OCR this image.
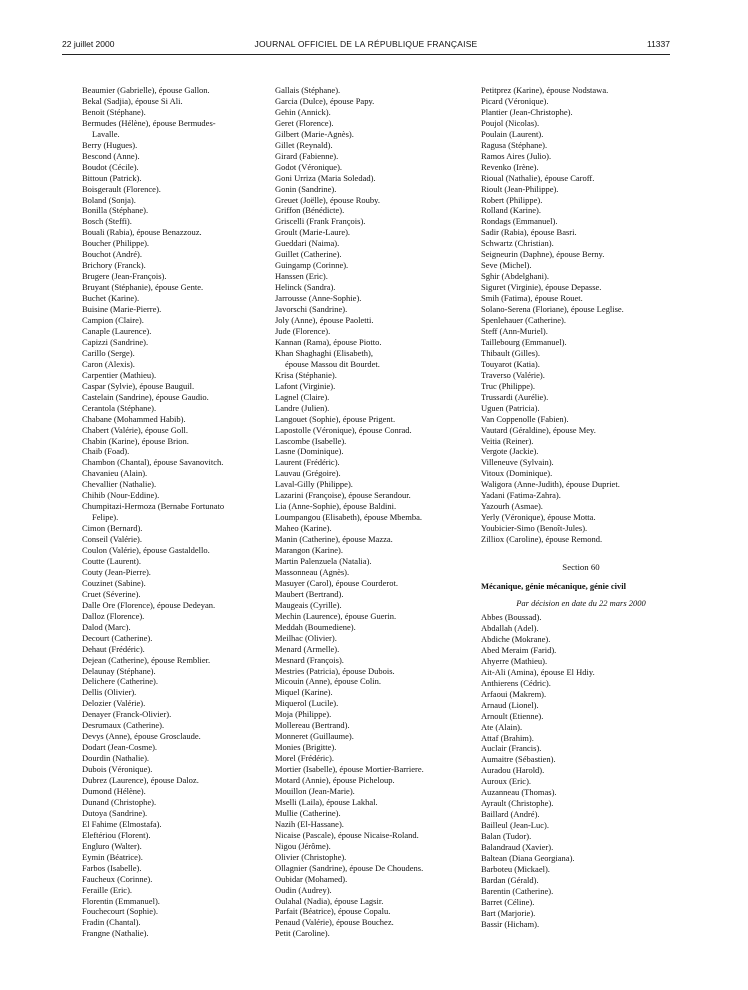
22 juillet 2000	JOURNAL OFFICIEL DE LA RÉPUBLIQUE FRANÇAISE	11337
Beaumier (Gabrielle), épouse Gallon.
Bekal (Sadjia), épouse Si Ali.
Benoit (Stéphane).
Bermudes (Hélène), épouse Bermudes-
Lavalle.
Berry (Hugues).
Bescond (Anne).
Boudot (Cécile).
Bittoun (Patrick).
Boisgerault (Florence).
Boland (Sonja).
Bonilla (Stéphane).
Bosch (Steffi).
Bouali (Rabia), épouse Benazzouz.
Boucher (Philippe).
Bouchot (André).
Brichory (Franck).
Brugere (Jean-François).
Bruyant (Stéphanie), épouse Gente.
Buchet (Karine).
Buisine (Marie-Pierre).
Campion (Claire).
Canaple (Laurence).
Capizzi (Sandrine).
Carillo (Serge).
Caron (Alexis).
Carpentier (Mathieu).
Caspar (Sylvie), épouse Bauguil.
Castelain (Sandrine), épouse Gaudio.
Cerantola (Stéphane).
Chabane (Mohammed Habib).
Chabert (Valérie), épouse Goll.
Chabin (Karine), épouse Brion.
Chaib (Foad).
Chambon (Chantal), épouse Savanovitch.
Chavanieu (Alain).
Chevallier (Nathalie).
Chihib (Nour-Eddine).
Chumpitazi-Hermoza (Bernabe Fortunato
Felipe).
Cimon (Bernard).
Conseil (Valérie).
Coulon (Valérie), épouse Gastaldello.
Coutte (Laurent).
Couty (Jean-Pierre).
Couzinet (Sabine).
Cruet (Séverine).
Dalle Ore (Florence), épouse Dedeyan.
Dalloz (Florence).
Dalod (Marc).
Decourt (Catherine).
Dehaut (Frédéric).
Dejean (Catherine), épouse Remblier.
Delaunay (Stéphane).
Delichere (Catherine).
Dellis (Olivier).
Delozier (Valérie).
Denayer (Franck-Olivier).
Desrumaux (Catherine).
Devys (Anne), épouse Grosclaude.
Dodart (Jean-Cosme).
Dourdin (Nathalie).
Dubois (Véronique).
Dubrez (Laurence), épouse Daloz.
Dumond (Hélène).
Dunand (Christophe).
Dutoya (Sandrine).
El Fahime (Elmostafa).
Eleftériou (Florent).
Engluro (Walter).
Eymin (Béatrice).
Farbos (Isabelle).
Faucheux (Corinne).
Feraille (Eric).
Florentin (Emmanuel).
Fouchecourt (Sophie).
Fradin (Chantal).
Frangne (Nathalie).
Gallais (Stéphane).
Garcia (Dulce), épouse Papy.
Gehin (Annick).
Geret (Florence).
Gilbert (Marie-Agnès).
Gillet (Reynald).
Girard (Fabienne).
Godot (Véronique).
Goni Urriza (Maria Soledad).
Gonin (Sandrine).
Greuet (Joëlle), épouse Rouby.
Griffon (Bénédicte).
Griscelli (Frank François).
Groult (Marie-Laure).
Gueddari (Naima).
Guillet (Catherine).
Guingamp (Corinne).
Hanssen (Eric).
Helinck (Sandra).
Jarrousse (Anne-Sophie).
Javorschi (Sandrine).
Joly (Anne), épouse Paoletti.
Jude (Florence).
Kannan (Rama), épouse Piotto.
Khan Shaghaghi (Elisabeth),
épouse Massou dit Bourdet.
Krisa (Stéphanie).
Lafont (Virginie).
Lagnel (Claire).
Landre (Julien).
Langouet (Sophie), épouse Prigent.
Lapostolle (Véronique), épouse Conrad.
Lascombe (Isabelle).
Lasne (Dominique).
Laurent (Frédéric).
Lauvau (Grégoire).
Laval-Gilly (Philippe).
Lazarini (Françoise), épouse Serandour.
Lia (Anne-Sophie), épouse Baldini.
Loumpangou (Elisabeth), épouse Mbemba.
Maheo (Karine).
Manin (Catherine), épouse Mazza.
Marangon (Karine).
Martin Palenzuela (Natalia).
Massonneau (Agnès).
Masuyer (Carol), épouse Courderot.
Maubert (Bertrand).
Maugeais (Cyrille).
Mechin (Laurence), épouse Guerin.
Meddah (Boumediene).
Meilhac (Olivier).
Menard (Armelle).
Mesnard (François).
Mestries (Patricia), épouse Dubois.
Micouin (Anne), épouse Colin.
Miquel (Karine).
Miquerol (Lucile).
Moja (Philippe).
Mollereau (Bertrand).
Monneret (Guillaume).
Monies (Brigitte).
Morel (Frédéric).
Mortier (Isabelle), épouse Mortier-Barriere.
Motard (Annie), épouse Picheloup.
Mouillon (Jean-Marie).
Mselli (Laila), épouse Lakhal.
Mullie (Catherine).
Nazih (El-Hassane).
Nicaise (Pascale), épouse Nicaise-Roland.
Nigou (Jérôme).
Olivier (Christophe).
Ollagnier (Sandrine), épouse De Choudens.
Oubidar (Mohamed).
Oudin (Audrey).
Oulahal (Nadia), épouse Lagsir.
Parfait (Béatrice), épouse Copalu.
Penaud (Valérie), épouse Bouchez.
Petit (Caroline).
Petitprez (Karine), épouse Nodstawa.
Picard (Véronique).
Plantier (Jean-Christophe).
Poujol (Nicolas).
Poulain (Laurent).
Ragusa (Stéphane).
Ramos Aires (Julio).
Revenko (Irène).
Rioual (Nathalie), épouse Caroff.
Rioult (Jean-Philippe).
Robert (Philippe).
Rolland (Karine).
Rondags (Emmanuel).
Sadir (Rabia), épouse Basri.
Schwartz (Christian).
Seigneurin (Daphne), épouse Berny.
Seve (Michel).
Sghir (Abdelghani).
Siguret (Virginie), épouse Depasse.
Smih (Fatima), épouse Rouet.
Solano-Serena (Floriane), épouse Leglise.
Spenlehauer (Catherine).
Steff (Ann-Muriel).
Taillebourg (Emmanuel).
Thibault (Gilles).
Touyarot (Katia).
Traverso (Valérie).
Truc (Philippe).
Trussardi (Aurélie).
Uguen (Patricia).
Van Coppenolle (Fabien).
Vautard (Géraldine), épouse Mey.
Veitia (Reiner).
Vergote (Jackie).
Villeneuve (Sylvain).
Vitoux (Dominique).
Waligora (Anne-Judith), épouse Dupriet.
Yadani (Fatima-Zahra).
Yazourh (Asmae).
Yerly (Véronique), épouse Motta.
Youbicier-Simo (Benoît-Jules).
Zilliox (Caroline), épouse Remond.
Section 60
Mécanique, génie mécanique, génie civil
Par décision en date du 22 mars 2000
Abbes (Boussad).
Abdallah (Adel).
Abdiche (Mokrane).
Abed Meraim (Farid).
Ahyerre (Mathieu).
Ait-Ali (Amina), épouse El Hdiy.
Anthierens (Cédric).
Arfaoui (Makrem).
Arnaud (Lionel).
Arnoult (Etienne).
Ate (Alain).
Attaf (Brahim).
Auclair (Francis).
Aumaitre (Sébastien).
Auradou (Harold).
Auroux (Eric).
Auzanneau (Thomas).
Ayrault (Christophe).
Baillard (André).
Bailleul (Jean-Luc).
Balan (Tudor).
Balandraud (Xavier).
Baltean (Diana Georgiana).
Barboteu (Mickael).
Bardan (Gérald).
Barentin (Catherine).
Barret (Céline).
Bart (Marjorie).
Bassir (Hicham).
